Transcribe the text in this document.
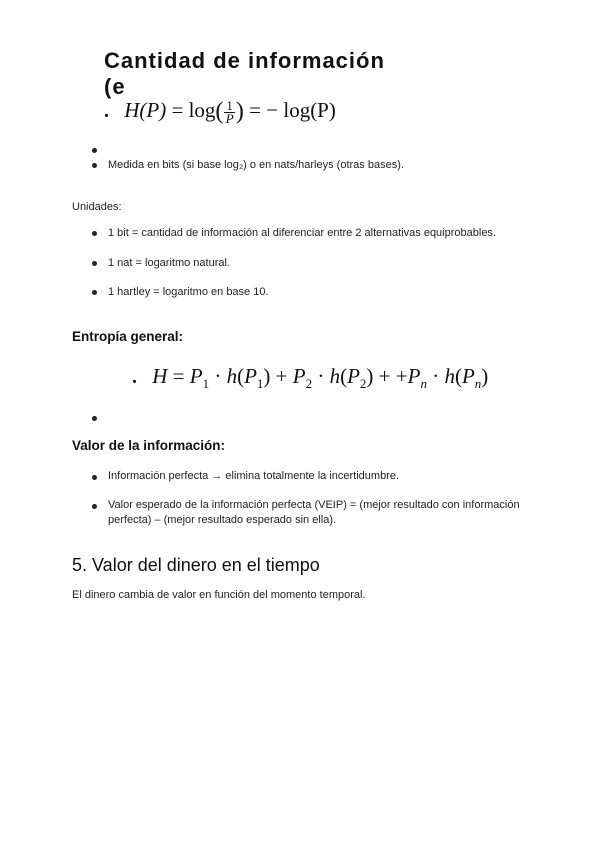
Cantidad de información (e
. $H(P) = \log( \frac{1}{P}$ ) = − log(P)
Medida en bits (si base log₂) o en nats/harleys (otras bases).
Unidades:
1 bit = cantidad de información al diferenciar entre 2 alternativas equiprobables.
1 nat = logaritmo natural.
1 hartley = logaritmo en base 10.
Entropía general:
. $H = P_1 \cdot h(P_1) + P_2 \cdot h(P_2) + +P_n \cdot h(P_n)$
Valor de la información:
Información perfecta → elimina totalmente la incertidumbre.
Valor esperado de la información perfecta (VEIP) = (mejor resultado con información
perfecta) – (mejor resultado esperado sin ella).
5. Valor del dinero en el tiempo
El dinero cambia de valor en función del momento temporal.
